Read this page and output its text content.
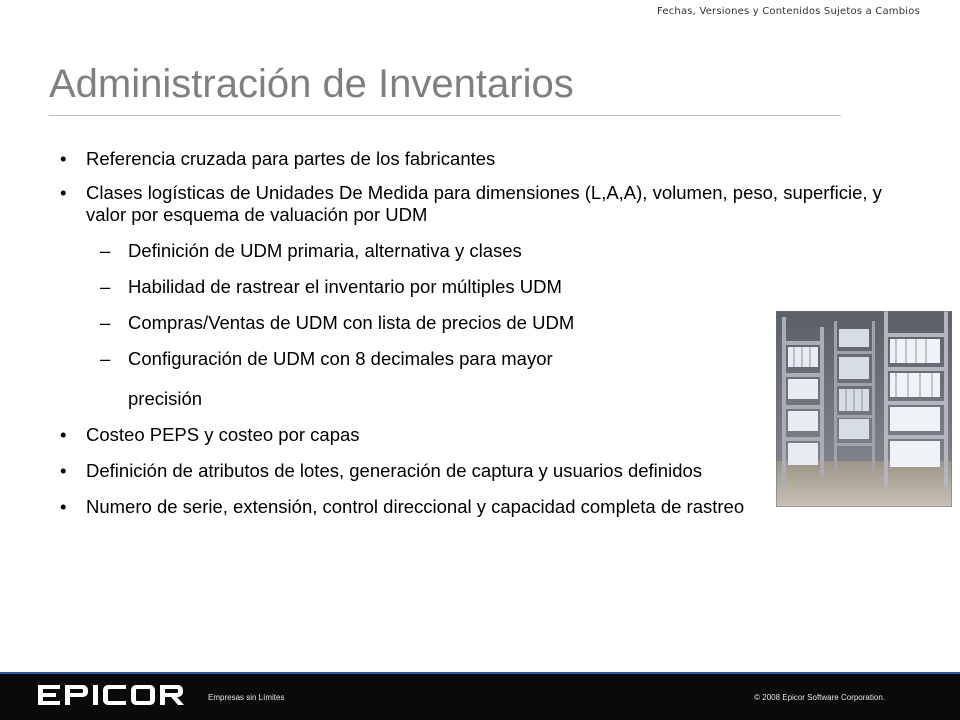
Fechas, Versiones y Contenidos Sujetos a Cambios
Administración de Inventarios
• Referencia cruzada para partes de los fabricantes
• Clases logísticas de Unidades De Medida para dimensiones (L,A,A), volumen, peso, superficie, y valor por esquema de valuación por UDM
– Definición de UDM primaria, alternativa y clases
– Habilidad de rastrear el inventario por múltiples UDM
– Compras/Ventas de UDM con lista de precios de UDM
– Configuración de UDM con 8 decimales para mayor
precisión
• Costeo PEPS y costeo por capas
• Definición de atributos de lotes, generación de captura y usuarios definidos
• Numero de serie, extensión, control direccional y capacidad completa de rastreo
Empresas sin Límites	© 2008 Epicor Software Corporation.
